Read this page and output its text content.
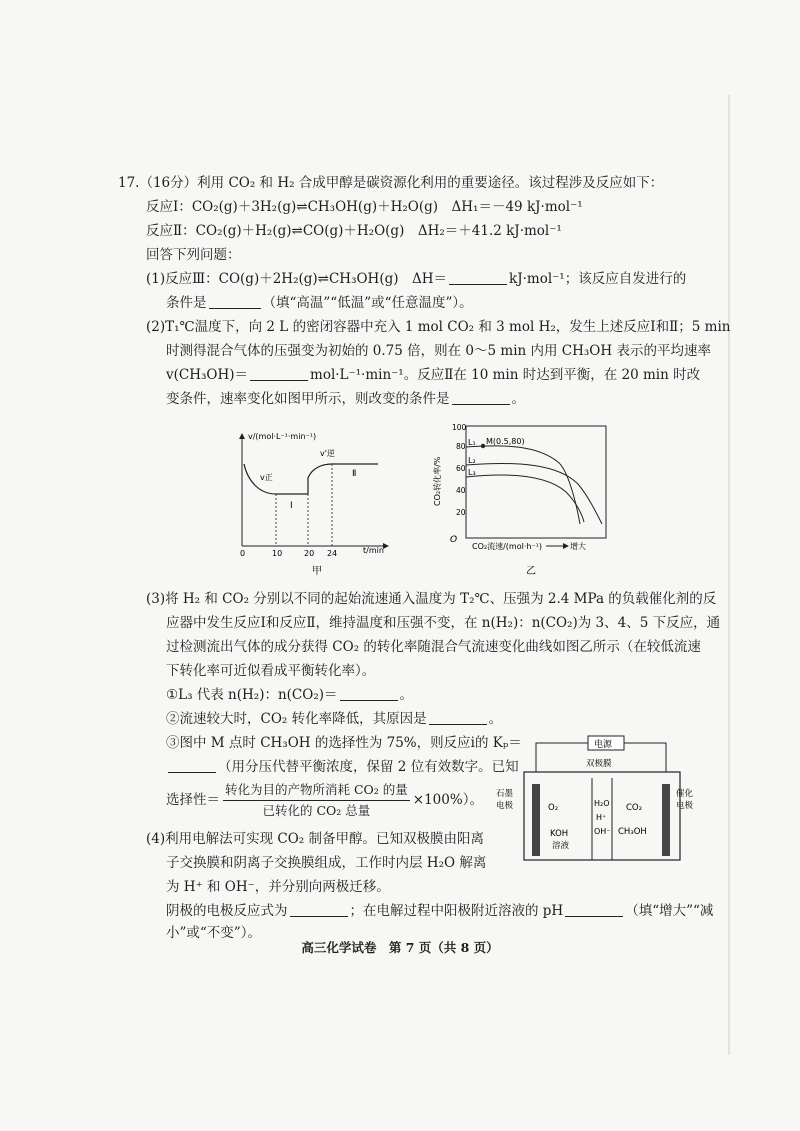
17.（16分）利用 CO₂ 和 H₂ 合成甲醇是碳资源化利用的重要途径。该过程涉及反应如下：
反应Ⅰ：CO₂(g)＋3H₂(g)⇌CH₃OH(g)＋H₂O(g)　ΔH₁＝－49 kJ·mol⁻¹
反应Ⅱ：CO₂(g)＋H₂(g)⇌CO(g)＋H₂O(g)　ΔH₂＝＋41.2 kJ·mol⁻¹
回答下列问题：
(1)反应Ⅲ：CO(g)＋2H₂(g)⇌CH₃OH(g)　ΔH＝	kJ·mol⁻¹；该反应自发进行的
条件是	（填“高温”“低温”或“任意温度”）。
(2)T₁℃温度下，向 2 L 的密闭容器中充入 1 mol CO₂ 和 3 mol H₂，发生上述反应Ⅰ和Ⅱ；5 min
时测得混合气体的压强变为初始的 0.75 倍，则在 0～5 min 内用 CH₃OH 表示的平均速率
v(CH₃OH)＝	mol·L⁻¹·min⁻¹。反应Ⅱ在 10 min 时达到平衡，在 20 min 时改
变条件，速率变化如图甲所示，则改变的条件是	。
v/(mol·L⁻¹·min⁻¹)
t/min
0	10	20 24
v正
v'逆
Ⅰ
Ⅱ
甲
CO₂转化率/%
100
80
60
40
20
O
L₁ M(0.5,80)
L₂
L₃
CO₂流速/(mol·h⁻¹)	增大
乙
(3)将 H₂ 和 CO₂ 分别以不同的起始流速通入温度为 T₂℃、压强为 2.4 MPa 的负载催化剂的反
应器中发生反应Ⅰ和反应Ⅱ，维持温度和压强不变，在 n(H₂)：n(CO₂)为 3、4、5 下反应，通
过检测流出气体的成分获得 CO₂ 的转化率随混合气流速变化曲线如图乙所示（在较低流速
下转化率可近似看成平衡转化率）。
①L₃ 代表 n(H₂)：n(CO₂)＝	。
②流速较大时，CO₂ 转化率降低，其原因是	。
③图中 M 点时 CH₃OH 的选择性为 75%，则反应ⅰ的 Kₚ＝
（用分压代替平衡浓度，保留 2 位有效数字。已知
选择性＝ $\frac{\text{转化为目的产物所消耗 CO₂ 的量}}{\text{已转化的 CO₂ 总量}} \times 100\%$）。
(4)利用电解法可实现 CO₂ 制备甲醇。已知双极膜由阳离
子交换膜和阴离子交换膜组成，工作时内层 H₂O 解离
为 H⁺ 和 OH⁻，并分别向两极迁移。
阴极的电极反应式为	；在电解过程中阳极附近溶液的 pH	（填“增大”“减
小”或“不变”）。
电源
双极膜
石墨
电极
催化
电极
O₂
KOH
溶液
H₂O
H⁺
OH⁻
CO₂
CH₃OH
高三化学试卷　第 7 页（共 8 页）
